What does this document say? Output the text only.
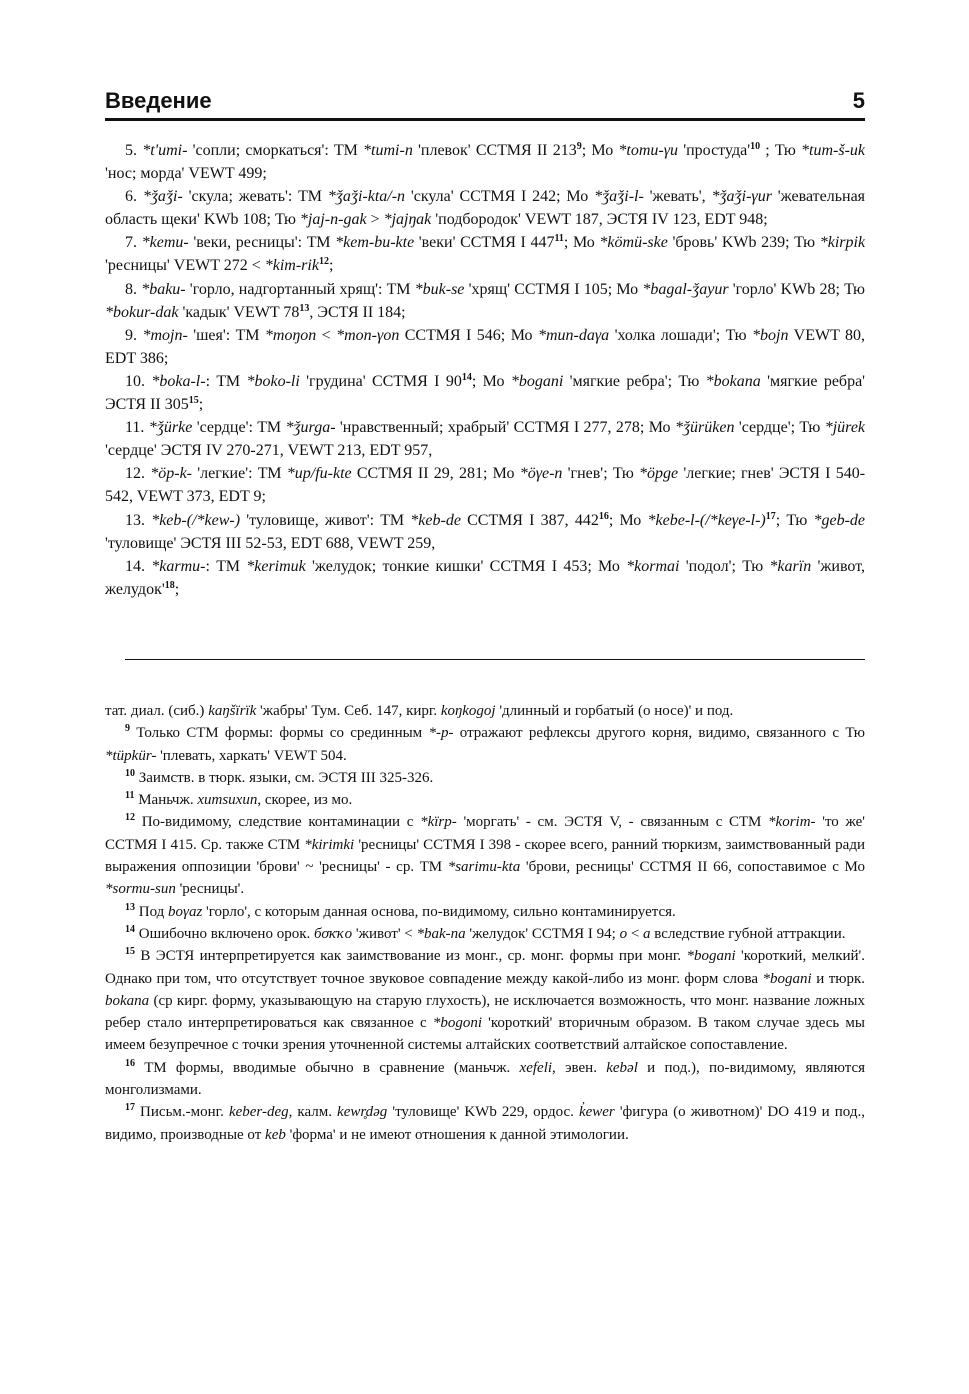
Введение	5

5. *t'umi- 'сопли; сморкаться': ТМ *tumi-n 'плевок' ССТМЯ II $213^9$; Мо *tomu-γu '$простуда'^{10}$ ; Тю *tum-š-uk 'нос; морда' VEWT 499;

6. *ǯaǯi- 'скула; жевать': ТМ *ǯaǯi-kta/-n 'скула' ССТМЯ I 242; Мо *ǯaǯi-l- 'жевать', *ǯaǯi-γur 'жевательная область щеки' KWb 108; Тю *jaj-n-gak > *jajŋak 'подбородок' VEWT 187, ЭСТЯ IV 123, EDT 948;

7. *kemu- 'веки, ресницы': ТМ *kem-bu-kte 'веки' ССТМЯ I $447^{11}$; Мо *kömü-ske 'бровь' KWb 239; Тю *kirpik 'ресницы' VEWT 272 < *kim-rik$^{12}$;

8. *baku- 'горло, надгортанный хрящ': ТМ *buk-se 'хрящ' ССТМЯ I 105; Мо *bagal-ǯayur 'горло' KWb 28; Тю *bokur-dak 'кадык' VEWT $78^{13}$, ЭСТЯ II 184;

9. *mojn- 'шея': ТМ *moŋon < *mon-γon ССТМЯ I 546; Мо *mun-daγa 'холка лошади'; Тю *bojn VEWT 80, EDT 386;

10. *boka-l-: ТМ *boko-li 'грудина' ССТМЯ I $90^{14}$; Мо *bogani 'мягкие ребра'; Тю *bokana 'мягкие ребра' ЭСТЯ II $305^{15}$;

11. *ǯürke 'сердце': ТМ *ǯurga- 'нравственный; храбрый' ССТМЯ I 277, 278; Мо *ǯürüken 'сердце'; Тю *jürek 'сердце' ЭСТЯ IV 270-271, VEWT 213, EDT 957,

12. *öp-k- 'легкие': ТМ *up/fu-kte ССТМЯ II 29, 281; Мо *öγe-n 'гнев'; Тю *öpge 'легкие; гнев' ЭСТЯ I 540-542, VEWT 373, EDT 9;

13. *keb-(/*kew-) 'туловище, живот': ТМ *keb-de ССТМЯ I 387, $442^{16}$; Мо $*kebe-l-(/*ke\gamma e-l-)^{17}$; Тю *geb-de 'туловище' ЭСТЯ III 52-53, EDT 688, VEWT 259,

14. *karmu-: ТМ *kerimuk 'желудок; тонкие кишки' ССТМЯ I 453; Мо *kormai 'подол'; Тю *karïn 'живот, $желудок'^{18}$;

тат. диал. (сиб.) kaŋšïrïk 'жабры' Тум. Себ. 147, кирг. koŋkogoj 'длинный и горбатый (о носе)' и под.

$^9$ Только СТМ формы: формы со срединным *-p- отражают рефлексы другого корня, видимо, связанного с Тю *tüpkür- 'плевать, харкать' VEWT 504.

$^{10}$ Заимств. в тюрк. языки, см. ЭСТЯ III 325-326.

$^{11}$ Маньчж. xumsuxun, скорее, из мо.

$^{12}$ По-видимому, следствие контаминации с *kïrp- 'моргать' - см. ЭСТЯ V, - связанным с СТМ *korim- 'то же' ССТМЯ I 415. Ср. также СТМ *kirimki 'ресницы' ССТМЯ I 398 - скорее всего, ранний тюркизм, заимствованный ради выражения оппозиции 'брови' ~ 'ресницы' - ср. ТМ *sarimu-kta 'брови, ресницы' ССТМЯ II 66, сопоставимое с Мо *sormu-sun 'ресницы'.

$^{13}$ Под boγaz 'горло', с которым данная основа, по-видимому, сильно контаминируется.

$^{14}$ Ошибочно включено орок. боҡҡо 'живот' < *bak-na 'желудок' ССТМЯ I 94; o < a вследствие губной аттракции.

$^{15}$ В ЭСТЯ интерпретируется как заимствование из монг., ср. монг. формы при монг. *bogani 'короткий, мелкий'. Однако при том, что отсутствует точное звуковое совпадение между какой-либо из монг. форм слова *bogani и тюрк. bokana (ср кирг. форму, указывающую на старую глухость), не исключается возможность, что монг. название ложных ребер стало интерпретироваться как связанное с *bogoni 'короткий' вторичным образом. В таком случае здесь мы имеем безупречное с точки зрения уточненной системы алтайских соответствий алтайское сопоставление.

$^{16}$ ТМ формы, вводимые обычно в сравнение (маньчж. xefeli, эвен. kebəl и под.), по-видимому, являются монголизмами.

$^{17}$ Письм.-монг. keber-deg, калм. kewr̥dəg 'туловище' KWb 229, ордос. k̓ewer 'фигура (о животном)' DO 419 и под., видимо, производные от keb 'форма' и не имеют отношения к данной этимологии.
